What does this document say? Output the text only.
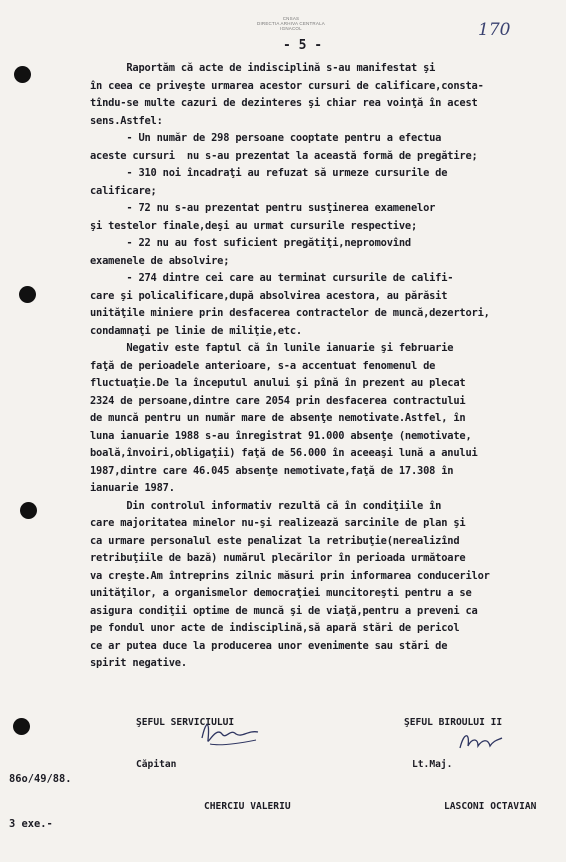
CNSAS
DIRECTIA ARHIVA CENTRALA
IGNACOL
- 5 -
170
Raportăm că acte de indisciplină s-au manifestat şi
în ceea ce priveşte urmarea acestor cursuri de calificare,consta-
tîndu-se multe cazuri de dezinteres şi chiar rea voinţă în acest
sens.Astfel:
- Un număr de 298 persoane cooptate pentru a efectua
aceste cursuri  nu s-au prezentat la această formă de pregătire;
- 310 noi încadraţi au refuzat să urmeze cursurile de
calificare;
- 72 nu s-au prezentat pentru susţinerea examenelor
şi testelor finale,deşi au urmat cursurile respective;
- 22 nu au fost suficient pregătiţi,nepromovînd
examenele de absolvire;
- 274 dintre cei care au terminat cursurile de califi-
care şi policalificare,după absolvirea acestora, au părăsit
unităţile miniere prin desfacerea contractelor de muncă,dezertori,
condamnaţi pe linie de miliţie,etc.
Negativ este faptul că în lunile ianuarie şi februarie
faţă de perioadele anterioare, s-a accentuat fenomenul de
fluctuaţie.De la începutul anului şi pînă în prezent au plecat
2324 de persoane,dintre care 2054 prin desfacerea contractului
de muncă pentru un număr mare de absenţe nemotivate.Astfel, în
luna ianuarie 1988 s-au înregistrat 91.000 absenţe (nemotivate,
boală,învoiri,obligaţii) faţă de 56.000 în aceeaşi lună a anului
1987,dintre care 46.045 absenţe nemotivate,faţă de 17.308 în
ianuarie 1987.
Din controlul informativ rezultă că în condiţiile în
care majoritatea minelor nu-şi realizează sarcinile de plan şi
ca urmare personalul este penalizat la retribuţie(nerealizînd
retribuţiile de bază) numărul plecărilor în perioada următoare
va creşte.Am întreprins zilnic măsuri prin informarea conducerilor
unităţilor, a organismelor democraţiei muncitoreşti pentru a se
asigura condiţii optime de muncă şi de viaţă,pentru a preveni ca
pe fondul unor acte de indisciplină,să apară stări de pericol
ce ar putea duce la producerea unor evenimente sau stări de
spirit negative.

ŞEFUL SERVICIULUI

Căpitan

CHERCIU VALERIU

ŞEFUL BIROULUI II

Lt.Maj.

LASCONI OCTAVIAN

86o/49/88.

3 exe.-
